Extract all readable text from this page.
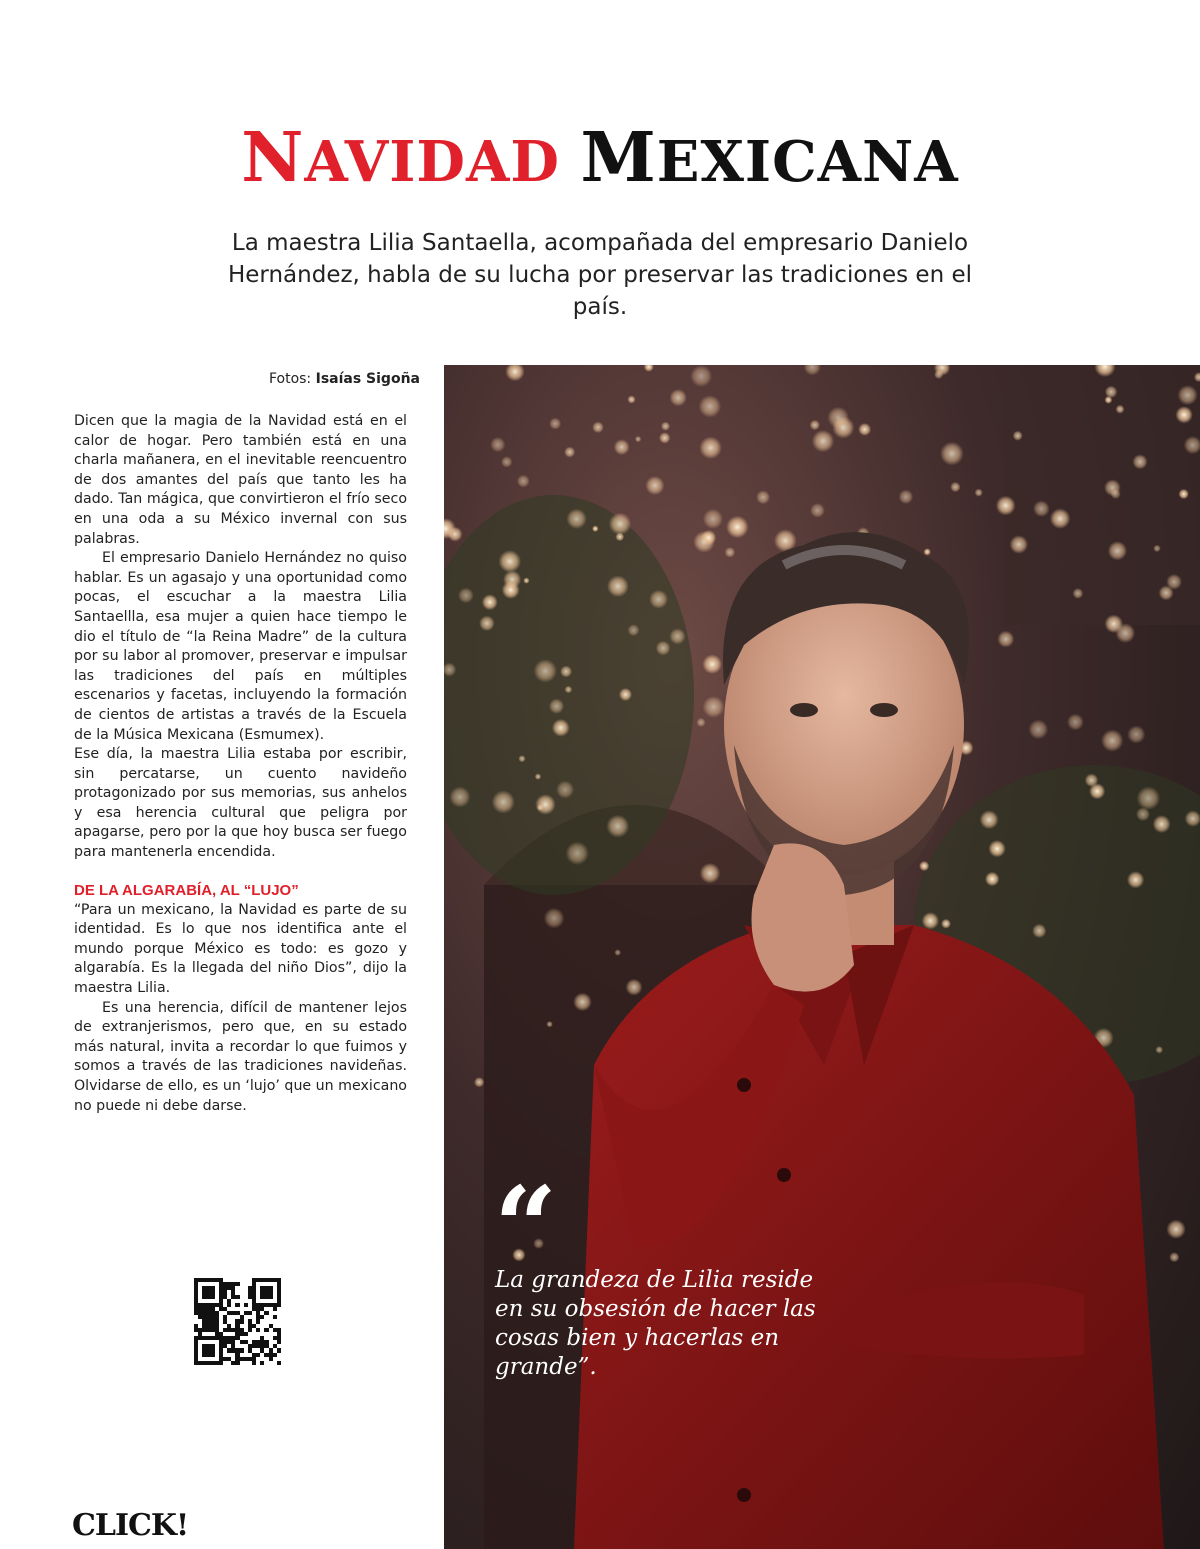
NAVIDAD MEXICANA
La maestra Lilia Santaella, acompañada del empresario Danielo Hernández, habla de su lucha por preservar las tradiciones en el país.
Fotos: Isaías Sigoña

Dicen que la magia de la Navidad está en el calor de hogar. Pero también está en una charla mañanera, en el inevitable reencuentro de dos amantes del país que tanto les ha dado. Tan mágica, que convirtieron el frío seco en una oda a su México invernal con sus palabras.

El empresario Danielo Hernández no quiso hablar. Es un agasajo y una oportunidad como pocas, el escuchar a la maestra Lilia Santaellla, esa mujer a quien hace tiempo le dio el título de “la Reina Madre” de la cultura por su labor al promover, preservar e impulsar las tradiciones del país en múltiples escenarios y facetas, incluyendo la formación de cientos de artistas a través de la Escuela de la Música Mexicana (Esmumex).

Ese día, la maestra Lilia estaba por escribir, sin percatarse, un cuento navideño protagonizado por sus memorias, sus anhelos y esa herencia cultural que peligra por apagarse, pero por la que hoy busca ser fuego para mantenerla encendida.

DE LA ALGARABÍA, AL “LUJO”

“Para un mexicano, la Navidad es parte de su identidad. Es lo que nos identifica ante el mundo porque México es todo: es gozo y algarabía. Es la llegada del niño Dios”, dijo la maestra Lilia.

Es una herencia, difícil de mantener lejos de extranjerismos, pero que, en su estado más natural, invita a recordar lo que fuimos y somos a través de las tradiciones navideñas. Olvidarse de ello, es un ‘lujo’ que un mexicano no puede ni debe darse.

CLICK!
“
La grandeza de Lilia reside en su obsesión de hacer las cosas bien y hacerlas en grande”.
